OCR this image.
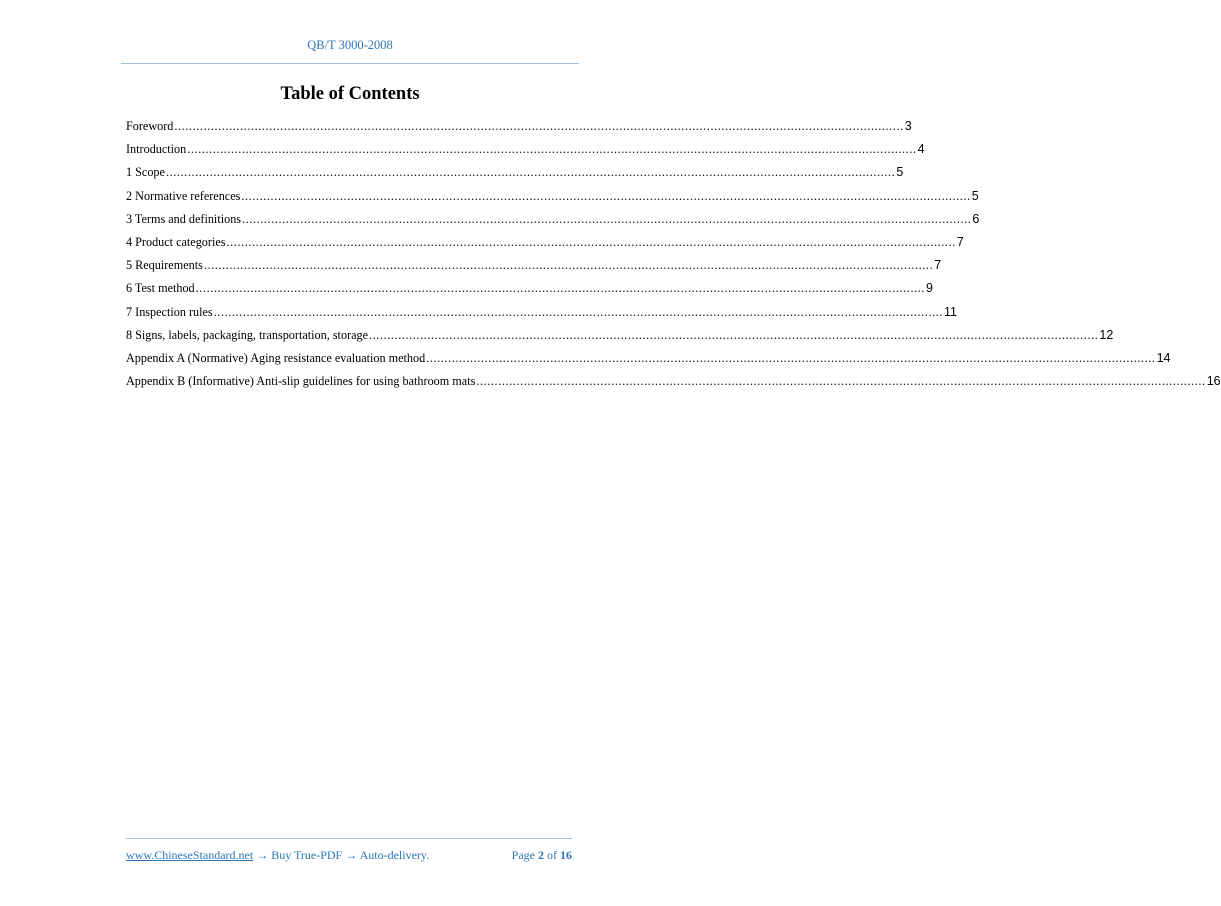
QB/T 3000-2008
Table of Contents
Foreword ........................................................................................................................................................................................................ 3
Introduction ........................................................................................................................................................................................................ 4
1 Scope ........................................................................................................................................................................................................ 5
2 Normative references ........................................................................................................................................................................................................ 5
3 Terms and definitions ........................................................................................................................................................................................................ 6
4 Product categories ........................................................................................................................................................................................................ 7
5 Requirements ........................................................................................................................................................................................................ 7
6 Test method ........................................................................................................................................................................................................ 9
7 Inspection rules ........................................................................................................................................................................................................ 11
8 Signs, labels, packaging, transportation, storage ........................................................................................................................................................................................................ 12
Appendix A (Normative) Aging resistance evaluation method ........................................................................................................................................................................................................ 14
Appendix B (Informative) Anti-slip guidelines for using bathroom mats ........................................................................................................................................................................................................ 16
www.ChineseStandard.net → Buy True-PDF → Auto-delivery.	Page 2 of 16
